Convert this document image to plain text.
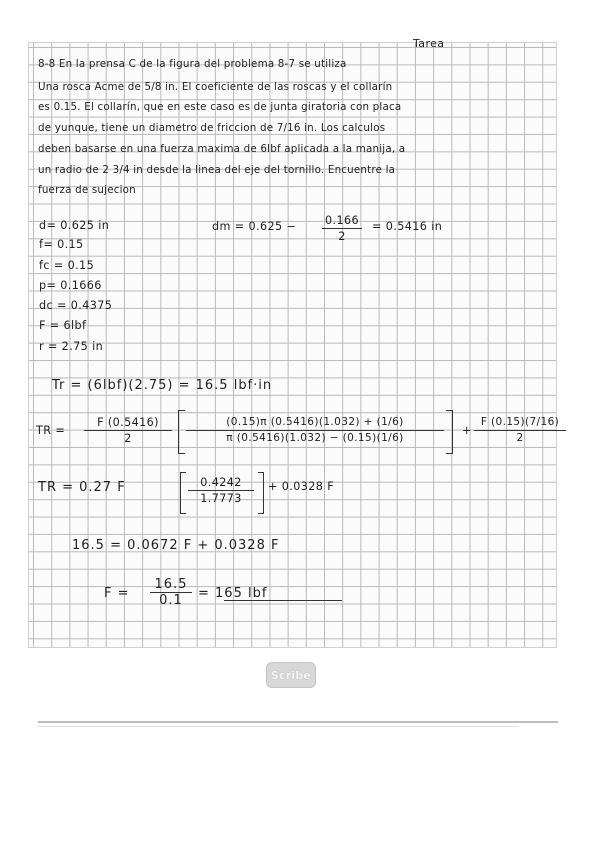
Tarea
8-8 En la prensa C de la figura del problema 8-7 se utiliza
Una rosca Acme de 5/8 in. El coeficiente de las roscas y el collarín
es 0.15. El collarín, que en este caso es de junta giratoria con placa
de yunque, tiene un diametro de friccion de 7/16 in. Los calculos
deben basarse en una fuerza maxima de 6lbf aplicada a la manija, a
un radio de 2 3/4 in desde la linea del eje del tornillo. Encuentre la
fuerza de sujecion
d= 0.625 in
f= 0.15
fc = 0.15
p= 0.1666
dc = 0.4375
F = 6lbf
r = 2.75 in
dm = 0.625 −	0.166
2
= 0.5416 in
Tr = (6lbf)(2.75) = 16.5 lbf·in
TR =
F (0.5416)
2
(0.15)π (0.5416)(1.032) + (1/6)
π (0.5416)(1.032) − (0.15)(1/6)
+
F (0.15)(7/16)
2
TR = 0.27 F	0.4242
1.7773
+ 0.0328 F
16.5 = 0.0672 F + 0.0328 F
F =
16.5
0.1	= 165 lbf
Scribe
